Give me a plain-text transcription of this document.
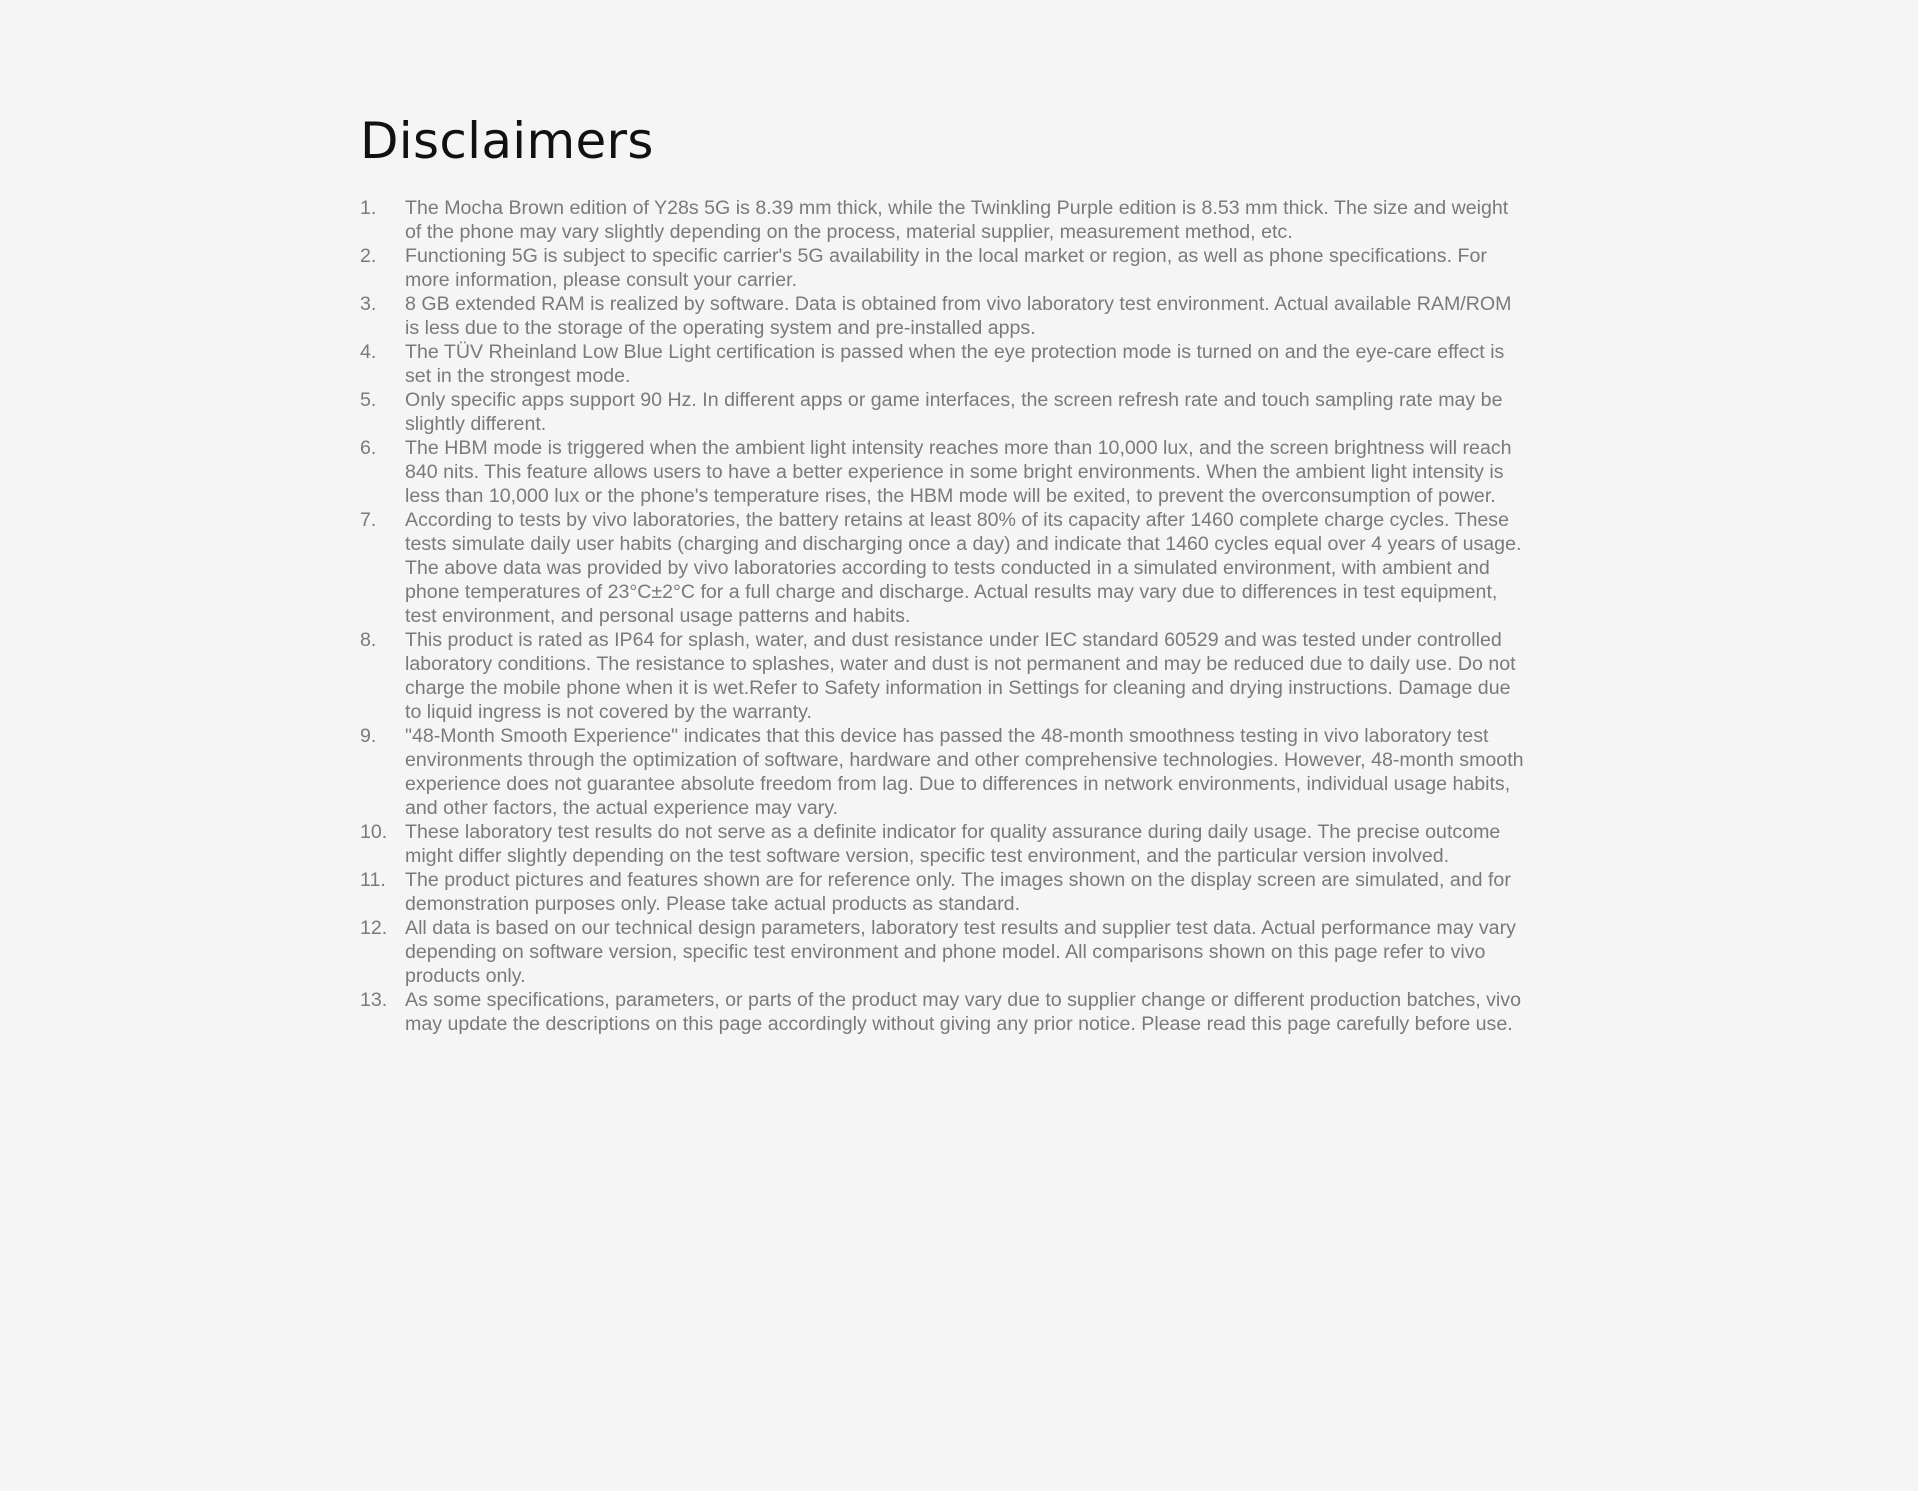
Disclaimers
1.	The Mocha Brown edition of Y28s 5G is 8.39 mm thick, while the Twinkling Purple edition is 8.53 mm thick. The size and weight of the phone may vary slightly depending on the process, material supplier, measurement method, etc.
2.	Functioning 5G is subject to specific carrier's 5G availability in the local market or region, as well as phone specifications. For more information, please consult your carrier.
3.	8 GB extended RAM is realized by software. Data is obtained from vivo laboratory test environment. Actual available RAM/ROM is less due to the storage of the operating system and pre-installed apps.
4.	The TÜV Rheinland Low Blue Light certification is passed when the eye protection mode is turned on and the eye-care effect is set in the strongest mode.
5.	Only specific apps support 90 Hz. In different apps or game interfaces, the screen refresh rate and touch sampling rate may be slightly different.
6.	The HBM mode is triggered when the ambient light intensity reaches more than 10,000 lux, and the screen brightness will reach 840 nits. This feature allows users to have a better experience in some bright environments. When the ambient light intensity is less than 10,000 lux or the phone's temperature rises, the HBM mode will be exited, to prevent the overconsumption of power.
7.	According to tests by vivo laboratories, the battery retains at least 80% of its capacity after 1460 complete charge cycles. These tests simulate daily user habits (charging and discharging once a day) and indicate that 1460 cycles equal over 4 years of usage. The above data was provided by vivo laboratories according to tests conducted in a simulated environment, with ambient and phone temperatures of 23°C±2°C for a full charge and discharge. Actual results may vary due to differences in test equipment, test environment, and personal usage patterns and habits.
8.	This product is rated as IP64 for splash, water, and dust resistance under IEC standard 60529 and was tested under controlled laboratory conditions. The resistance to splashes, water and dust is not permanent and may be reduced due to daily use. Do not charge the mobile phone when it is wet.Refer to Safety information in Settings for cleaning and drying instructions. Damage due to liquid ingress is not covered by the warranty.
9.	"48-Month Smooth Experience" indicates that this device has passed the 48-month smoothness testing in vivo laboratory test environments through the optimization of software, hardware and other comprehensive technologies. However, 48-month smooth experience does not guarantee absolute freedom from lag. Due to differences in network environments, individual usage habits, and other factors, the actual experience may vary.
10. These laboratory test results do not serve as a definite indicator for quality assurance during daily usage. The precise outcome might differ slightly depending on the test software version, specific test environment, and the particular version involved.
11. The product pictures and features shown are for reference only. The images shown on the display screen are simulated, and for demonstration purposes only. Please take actual products as standard.
12. All data is based on our technical design parameters, laboratory test results and supplier test data. Actual performance may vary depending on software version, specific test environment and phone model. All comparisons shown on this page refer to vivo products only.
13. As some specifications, parameters, or parts of the product may vary due to supplier change or different production batches, vivo may update the descriptions on this page accordingly without giving any prior notice. Please read this page carefully before use.
